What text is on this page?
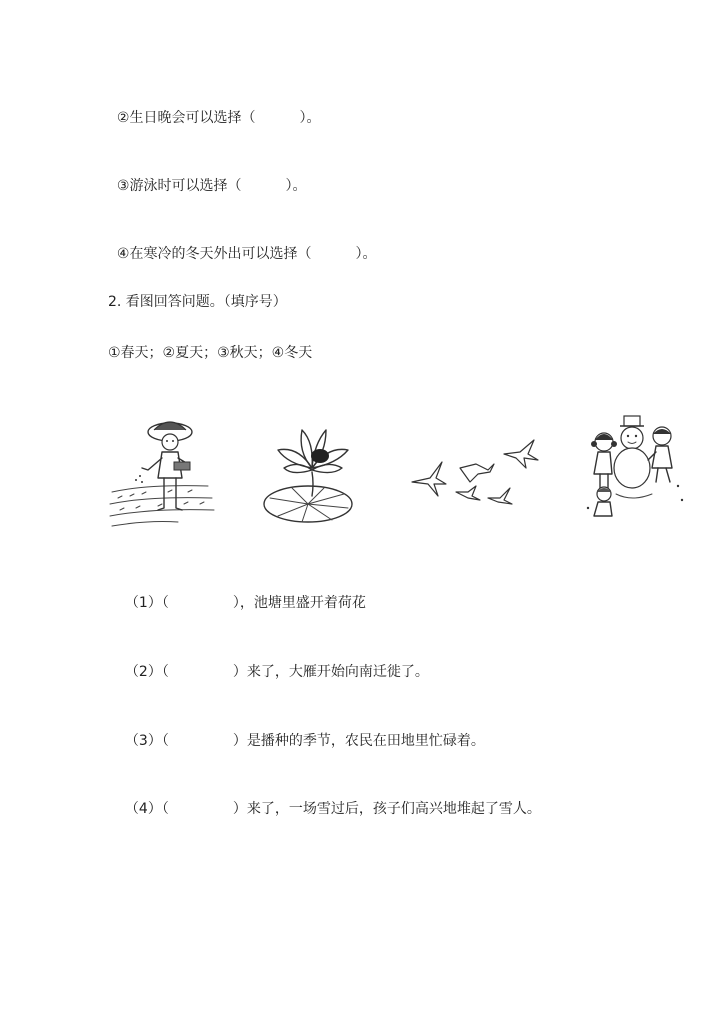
②生日晚会可以选择（	）。

③游泳时可以选择（	）。

④在寒冷的冬天外出可以选择（	）。

2. 看图回答问题。（填序号）
①春天；②夏天；③秋天；④冬天

（1）（	），池塘里盛开着荷花

（2）（	）来了，大雁开始向南迁徙了。

（3）（	）是播种的季节，农民在田地里忙碌着。

（4）（	）来了，一场雪过后，孩子们高兴地堆起了雪人。
